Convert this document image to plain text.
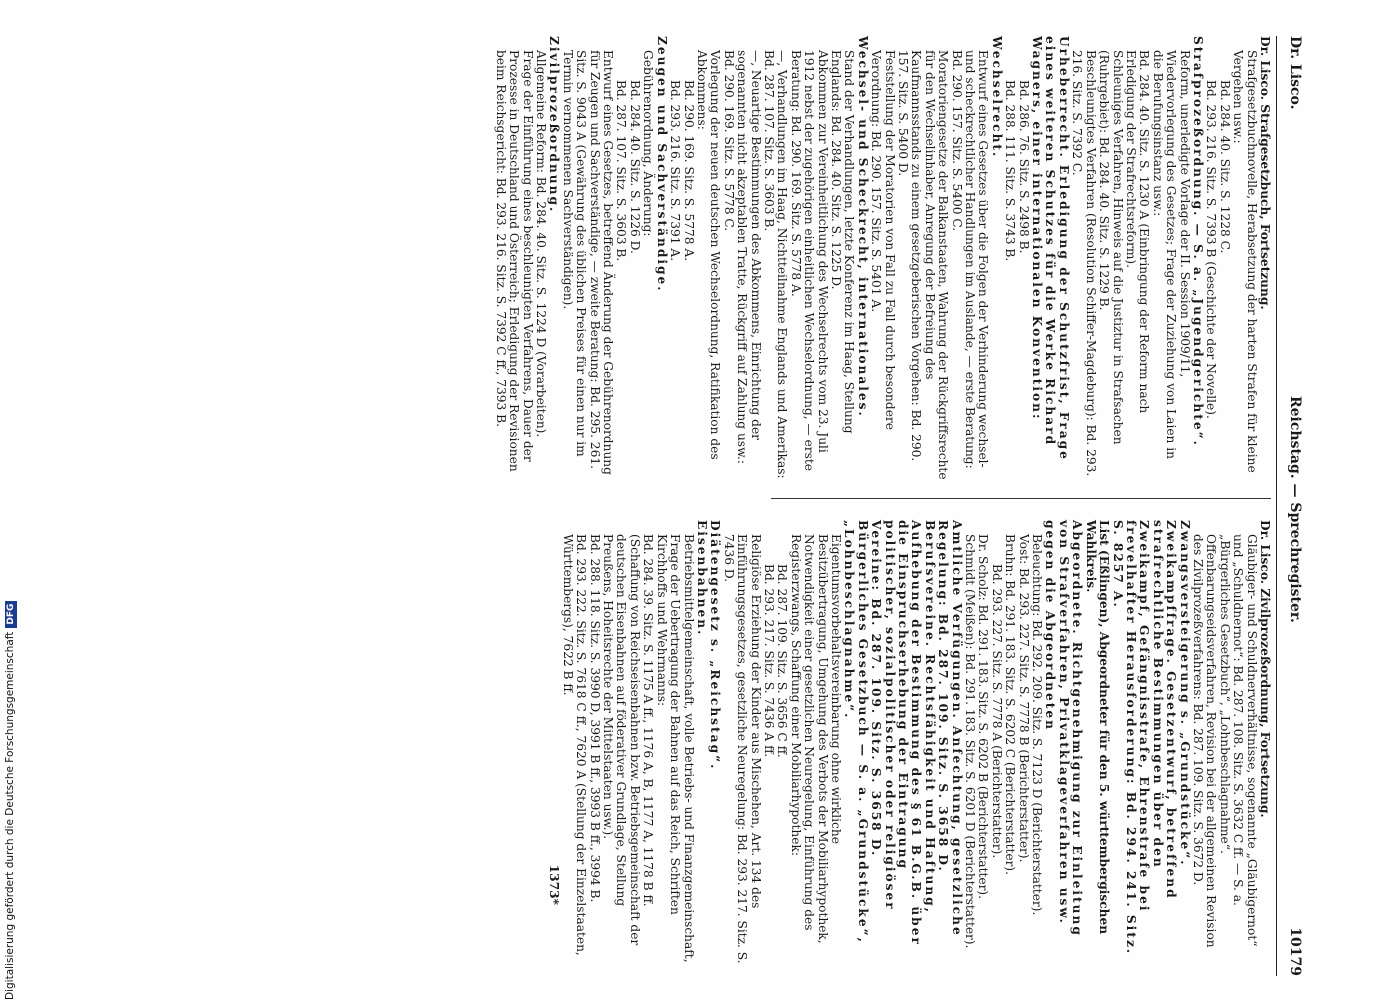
Dr. Lisco.
Reichstag. — Sprechregister.
10179
Dr. Lisco. Strafgesetzbuch, Fortsetzung.
Strafgesetzbuchnovelle, Herabsetzung der harten Strafen für kleine Vergehen usw.:
Bd. 284. 40. Sitz. S. 1228 C.
Bd. 293. 216. Sitz. S. 7393 B (Geschichte der Novelle).
Strafprozeßordnung. — S. a. „Jugendgerichte“.
Reform, unerledigte Vorlage der II. Session 1909/11, Wiedervorlegung des Gesetzes; Frage der Zuziehung von Laien in die Berufungsinstanz usw.:
Bd. 284. 40. Sitz. S. 1230 A (Einbringung der Reform nach Erledigung der Strafrechtsreform).
Schleuniges Verfahren, Hinweis auf die Justiztur in Strafsachen (Ruhrgebiet): Bd. 284. 40. Sitz. S. 1229 B.
Beschleunigtes Verfahren (Resolution Schiffer-Magdeburg): Bd. 293. 216. Sitz. S. 7392 C.
Urheberrecht. Erledigung der Schutzfrist, Frage eines weiteren Schutzes für die Werke Richard Wagners, einer internationalen Konvention:
Bd. 286. 76. Sitz. S. 2498 B.
Bd. 288. 111. Sitz. S. 3743 B.
Wechselrecht.
Entwurf eines Gesetzes über die Folgen der Verhinderung wechsel- und scheckrechtlicher Handlungen im Auslande, — erste Beratung: Bd. 290. 157. Sitz. S. 5400 C.
Moratoriengesetze der Balkanstaaten, Wahrung der Rückgriffsrechte für den Wechselinhaber, Anregung der Befreiung des Kaufmannsstands zu einem gesetzgeberischen Vorgehen: Bd. 290. 157. Sitz. S. 5400 D.
Feststellung der Moratorien von Fall zu Fall durch besondere Verordnung: Bd. 290. 157. Sitz. S. 5401 A.
Wechsel- und Scheckrecht, internationales.
Stand der Verhandlungen, letzte Konferenz im Haag, Stellung Englands: Bd. 284. 40. Sitz. S. 1225 D.
Abkommen zur Vereinheitlichung des Wechselrechts vom 23. Juli 1912 nebst der zugehörigen einheitlichen Wechselordnung, — erste Beratung: Bd. 290. 169. Sitz. S. 5778 A.
—, Verhandlungen im Haag, Nichtteilnahme Englands und Amerikas: Bd. 287. 107. Sitz. S. 3603 B.
—, Neuartige Bestimmungen des Abkommens, Einrichtung der sogenannten nicht akzeptablen Tratte, Rückgriff auf Zahlung usw.: Bd. 290. 169. Sitz. S. 5778 C.
Vorlegung der neuen deutschen Wechselordnung, Ratifikation des Abkommens:
Bd. 290. 169. Sitz. S. 5778 A.
Bd. 293. 216. Sitz. S. 7391 A.
Zeugen und Sachverständige.
Gebührenordnung, Änderung:
Bd. 284. 40. Sitz. S. 1226 D.
Bd. 287. 107. Sitz. S. 3603 B.
Entwurf eines Gesetzes, betreffend Änderung der Gebührenordnung für Zeugen und Sachverständige, — zweite Beratung: Bd. 295. 261. Sitz. S. 9043 A (Gewährung des üblichen Preises für einen nur im Termin vernommenen Sachverständigen).
Zivilprozeßordnung.
Allgemeine Reform: Bd. 284. 40. Sitz. S. 1224 D (Vorarbeiten).
Frage der Einführung eines beschleunigten Verfahrens, Dauer der Prozesse in Deutschland und Österreich; Erledigung der Revisionen beim Reichsgericht: Bd. 293. 216. Sitz. S. 7392 C ff., 7393 B.
Dr. Lisco. Zivilprozeßordnung, Fortsetzung.
Gläubiger- und Schuldnerverhältnisse, sogenannte „Gläubigernot“ und „Schuldnernot“: Bd. 287. 108. Sitz. S. 3632 C ff. — S. a. „Bürgerliches Gesetzbuch“, „Lohnbeschlagnahme“.
Offenbarungseidsverfahren, Revision bei der allgemeinen Revision des Zivilprozeßverfahrens: Bd. 287. 109. Sitz. S. 3672 D.
Zwangsversteigerung s. „Grundstücke“.
Zweikampffrage. Gesetzentwurf, betreffend strafrechtliche Bestimmungen über den Zweikampf, Gefängnisstrafe, Ehrenstrafe bei frevelhafter Herausforderung: Bd. 294. 241. Sitz. S. 8257 A.
List (Eßlingen), Abgeordneter für den 5. württembergischen Wahlkreis.
Abgeordnete. Richtgenehmigung zur Einleitung von Strafverfahren, Privatklageverfahren usw. gegen die Abgeordneten
Beleuchtung: Bd. 292. 209. Sitz. S. 7123 D (Berichterstatter).
Vost: Bd. 293. 227. Sitz. S. 7778 B (Berichterstatter).
Bruhn: Bd. 291. 183. Sitz. S. 6202 C (Berichterstatter).
Bd. 293. 227. Sitz. S. 7778 A (Berichterstatter).
Dr. Scholz: Bd. 291. 183. Sitz. S. 6202 B (Berichterstatter).
Schmidt (Meißen): Bd. 291. 183. Sitz. S. 6201 D (Berichterstatter).
Amtliche Verfügungen. Anfechtung, gesetzliche Regelung: Bd. 287. 109. Sitz. S. 3658 D.
Berufsvereine. Rechtsfähigkeit und Haftung, Aufhebung der Bestimmung des § 61 B.G.B. über die Einspruchserhebung der Eintragung politischer, sozialpolitischer oder religiöser Vereine: Bd. 287. 109. Sitz. S. 3658 D.
Bürgerliches Gesetzbuch — S. a. „Grundstücke“, „Lohnbeschlagnahme“.
Eigentumsvorbehaltsvereinbarung ohne wirkliche Besitzübertragung, Umgehung des Verbots der Mobiliarhypothek, Notwendigkeit einer gesetzlichen Neuregelung, Einführung des Registerzwangs, Schaffung einer Mobiliarhypothek:
Bd. 287. 109. Sitz. S. 3656 C ff.
Bd. 293. 217. Sitz. S. 7436 A ff.
Religiöse Erziehung der Kinder aus Mischehen, Art. 134 des Einführungsgesetzes, gesetzliche Neuregelung: Bd. 293. 217. Sitz. S. 7436 D.
Diätengesetz s. „Reichstag“.
Eisenbahnen.
Betriebsmittelgemeinschaft, volle Betriebs- und Finanzgemeinschaft, Frage der Uebertragung der Bahnen auf das Reich, Schriften Kirchhoffs und Wehrmanns:
Bd. 284. 39. Sitz. S. 1175 A ff., 1176 A, B, 1177 A, 1178 B ff. (Schaffung von Reichseisenbahnen bzw. Betriebsgemeinschaft der deutschen Eisenbahnen auf föderativer Grundlage, Stellung Preußens, Hoheitsrechte der Mittelstaaten usw.).
Bd. 288. 118. Sitz. S. 3990 D, 3991 B ff., 3993 B ff., 3994 B.
Bd. 293. 222. Sitz. S. 7618 C ff., 7620 A (Stellung der Einzelstaaten, Württembergs), 7622 B ff.
1373*
Digitalisierung gefördert durch die Deutsche ForschungsgemeinschaftDFG
